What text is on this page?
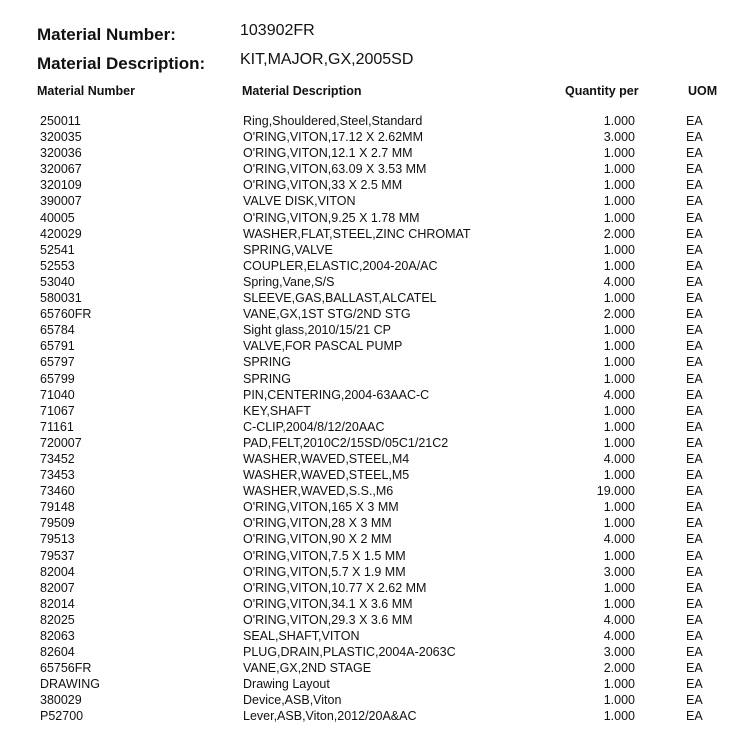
Material Number:	103902FR
Material Description: KIT,MAJOR,GX,2005SD
Material Number	Material Description	Quantity per	UOM
250011	Ring,Shouldered,Steel,Standard	1.000	EA
320035	O'RING,VITON,17.12 X 2.62MM	3.000	EA
320036	O'RING,VITON,12.1 X 2.7 MM	1.000	EA
320067	O'RING,VITON,63.09 X 3.53 MM	1.000	EA
320109	O'RING,VITON,33 X 2.5 MM	1.000	EA
390007	VALVE DISK,VITON	1.000	EA
40005	O'RING,VITON,9.25 X 1.78 MM	1.000	EA
420029	WASHER,FLAT,STEEL,ZINC CHROMAT	2.000	EA
52541	SPRING,VALVE	1.000	EA
52553	COUPLER,ELASTIC,2004-20A/AC	1.000	EA
53040	Spring,Vane,S/S	4.000	EA
580031	SLEEVE,GAS,BALLAST,ALCATEL	1.000	EA
65760FR	VANE,GX,1ST STG/2ND STG	2.000	EA
65784	Sight glass,2010/15/21 CP	1.000	EA
65791	VALVE,FOR PASCAL PUMP	1.000	EA
65797	SPRING	1.000	EA
65799	SPRING	1.000	EA
71040	PIN,CENTERING,2004-63AAC-C	4.000	EA
71067	KEY,SHAFT	1.000	EA
71161	C-CLIP,2004/8/12/20AAC	1.000	EA
720007	PAD,FELT,2010C2/15SD/05C1/21C2	1.000	EA
73452	WASHER,WAVED,STEEL,M4	4.000	EA
73453	WASHER,WAVED,STEEL,M5	1.000	EA
73460	WASHER,WAVED,S.S.,M6	19.000	EA
79148	O'RING,VITON,165 X 3 MM	1.000	EA
79509	O'RING,VITON,28 X 3 MM	1.000	EA
79513	O'RING,VITON,90 X 2 MM	4.000	EA
79537	O'RING,VITON,7.5 X 1.5 MM	1.000	EA
82004	O'RING,VITON,5.7 X 1.9 MM	3.000	EA
82007	O'RING,VITON,10.77 X 2.62 MM	1.000	EA
82014	O'RING,VITON,34.1 X 3.6 MM	1.000	EA
82025	O'RING,VITON,29.3 X 3.6 MM	4.000	EA
82063	SEAL,SHAFT,VITON	4.000	EA
82604	PLUG,DRAIN,PLASTIC,2004A-2063C	3.000	EA
65756FR	VANE,GX,2ND STAGE	2.000	EA
DRAWING	Drawing Layout	1.000	EA
380029	Device,ASB,Viton	1.000	EA
P52700	Lever,ASB,Viton,2012/20A&AC	1.000	EA
